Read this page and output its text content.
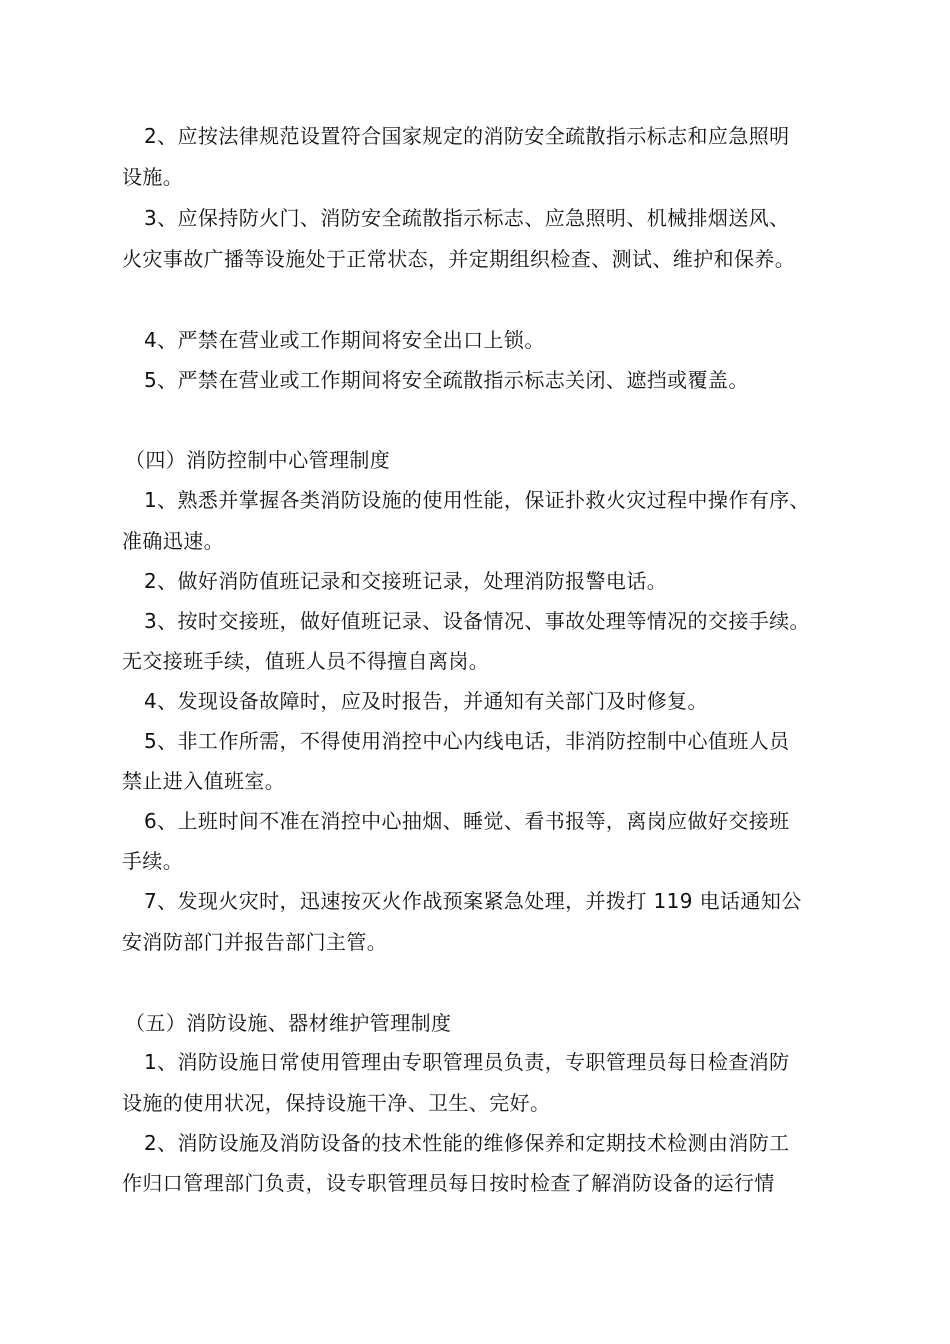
2、应按法律规范设置符合国家规定的消防安全疏散指示标志和应急照明
设施。
3、应保持防火门、消防安全疏散指示标志、应急照明、机械排烟送风、
火灾事故广播等设施处于正常状态，并定期组织检查、测试、维护和保养。
4、严禁在营业或工作期间将安全出口上锁。
5、严禁在营业或工作期间将安全疏散指示标志关闭、遮挡或覆盖。
（四）消防控制中心管理制度
1、熟悉并掌握各类消防设施的使用性能，保证扑救火灾过程中操作有序、
准确迅速。
2、做好消防值班记录和交接班记录，处理消防报警电话。
3、按时交接班，做好值班记录、设备情况、事故处理等情况的交接手续。
无交接班手续，值班人员不得擅自离岗。
4、发现设备故障时，应及时报告，并通知有关部门及时修复。
5、非工作所需，不得使用消控中心内线电话，非消防控制中心值班人员
禁止进入值班室。
6、上班时间不准在消控中心抽烟、睡觉、看书报等，离岗应做好交接班
手续。
7、发现火灾时，迅速按灭火作战预案紧急处理，并拨打 119 电话通知公
安消防部门并报告部门主管。
（五）消防设施、器材维护管理制度
1、消防设施日常使用管理由专职管理员负责，专职管理员每日检查消防
设施的使用状况，保持设施干净、卫生、完好。
2、消防设施及消防设备的技术性能的维修保养和定期技术检测由消防工
作归口管理部门负责，设专职管理员每日按时检查了解消防设备的运行情
